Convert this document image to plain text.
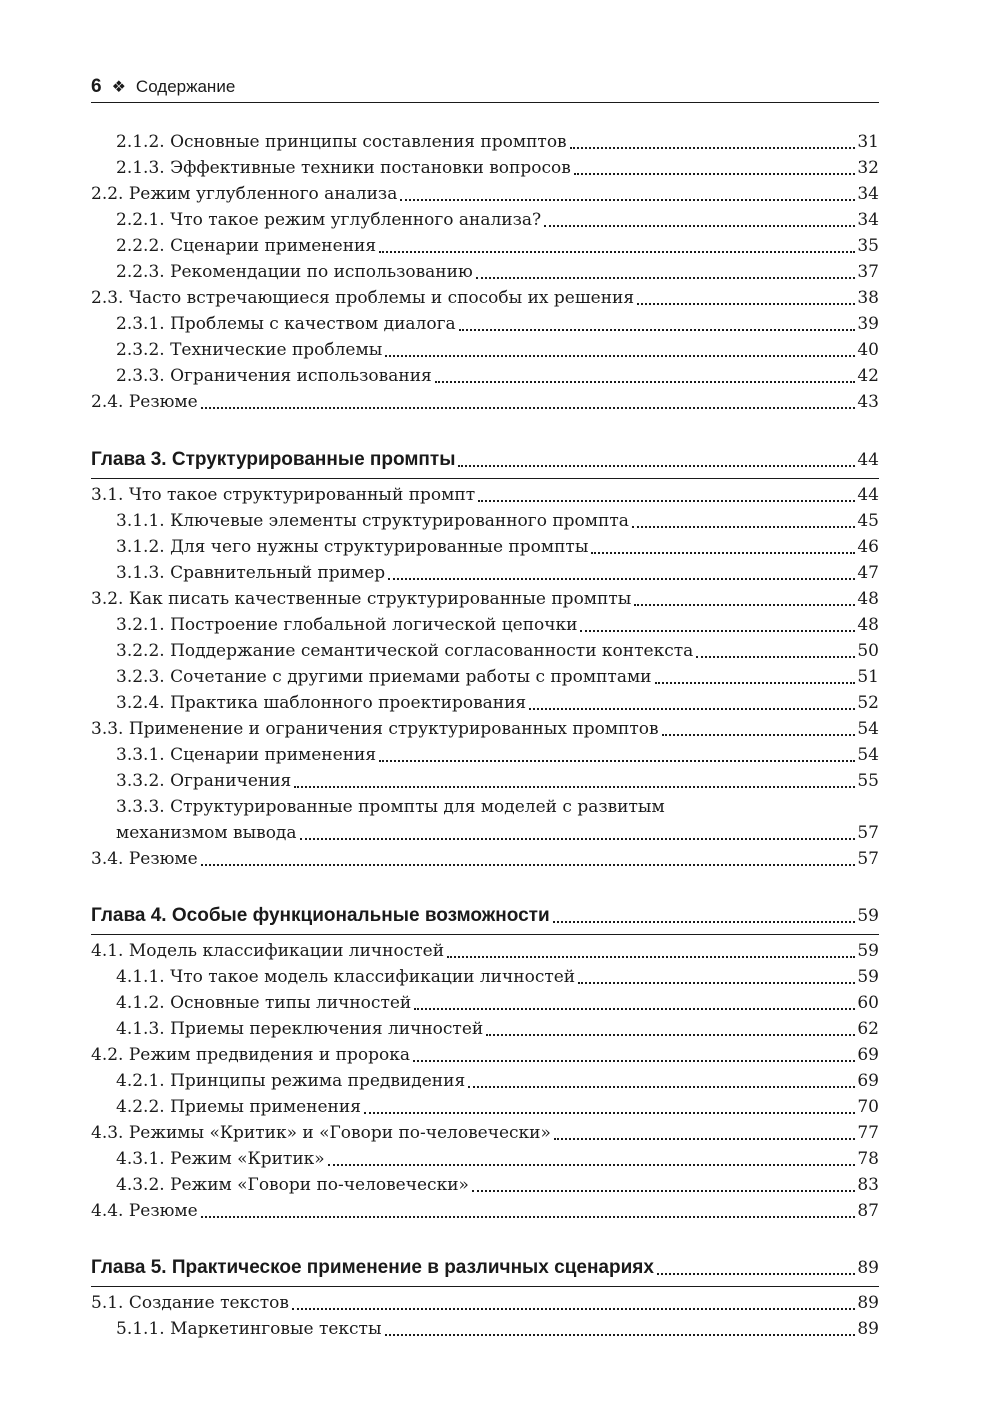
6 ❖ Содержание
2.1.2. Основные принципы составления промптов	31
2.1.3. Эффективные техники постановки вопросов	32
2.2. Режим углубленного анализа	34
2.2.1. Что такое режим углубленного анализа?	34
2.2.2. Сценарии применения	35
2.2.3. Рекомендации по использованию	37
2.3. Часто встречающиеся проблемы и способы их решения	38
2.3.1. Проблемы с качеством диалога	39
2.3.2. Технические проблемы	40
2.3.3. Ограничения использования	42
2.4. Резюме	43
Глава 3. Структурированные промпты	44
3.1. Что такое структурированный промпт	44
3.1.1. Ключевые элементы структурированного промпта	45
3.1.2. Для чего нужны структурированные промпты	46
3.1.3. Сравнительный пример	47
3.2. Как писать качественные структурированные промпты	48
3.2.1. Построение глобальной логической цепочки	48
3.2.2. Поддержание семантической согласованности контекста	50
3.2.3. Сочетание с другими приемами работы с промптами	51
3.2.4. Практика шаблонного проектирования	52
3.3. Применение и ограничения структурированных промптов	54
3.3.1. Сценарии применения	54
3.3.2. Ограничения	55
3.3.3. Структурированные промпты для моделей с развитым
механизмом вывода	57
3.4. Резюме	57
Глава 4. Особые функциональные возможности	59
4.1. Модель классификации личностей	59
4.1.1. Что такое модель классификации личностей	59
4.1.2. Основные типы личностей	60
4.1.3. Приемы переключения личностей	62
4.2. Режим предвидения и пророка	69
4.2.1. Принципы режима предвидения	69
4.2.2. Приемы применения	70
4.3. Режимы «Критик» и «Говори по-человечески»	77
4.3.1. Режим «Критик»	78
4.3.2. Режим «Говори по-человечески»	83
4.4. Резюме	87
Глава 5. Практическое применение в различных сценариях	89
5.1. Создание текстов	89
5.1.1. Маркетинговые тексты	89
